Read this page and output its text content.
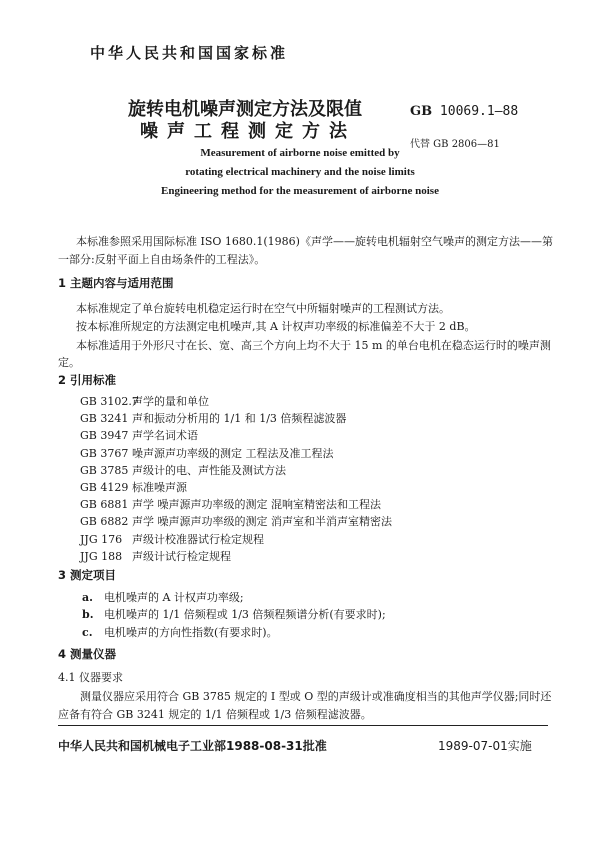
中华人民共和国国家标准
旋转电机噪声测定方法及限值
噪声工程测定方法
GB 10069.1—88
代替 GB 2806—81
Measurement of airborne noise emitted by
rotating electrical machinery and the noise limits
Engineering method for the measurement of airborne noise
本标准参照采用国际标准 ISO 1680.1(1986)《声学——旋转电机辐射空气噪声的测定方法——第
一部分:反射平面上自由场条件的工程法》。
1 主题内容与适用范围
本标准规定了单台旋转电机稳定运行时在空气中所辐射噪声的工程测试方法。
按本标准所规定的方法测定电机噪声,其 A 计权声功率级的标准偏差不大于 2 dB。
本标准适用于外形尺寸在长、宽、高三个方向上均不大于 15 m 的单台电机在稳态运行时的噪声测
定。
2 引用标准
GB 3102.7声学的量和单位
GB 3241 声和振动分析用的 1/1 和 1/3 倍频程滤波器
GB 3947 声学名词术语
GB 3767 噪声源声功率级的测定 工程法及准工程法
GB 3785 声级计的电、声性能及测试方法
GB 4129 标准噪声源
GB 6881 声学 噪声源声功率级的测定 混响室精密法和工程法
GB 6882 声学 噪声源声功率级的测定 消声室和半消声室精密法
JJG 176 声级计校准器试行检定规程
JJG 188 声级计试行检定规程
3 测定项目
a. 电机噪声的 A 计权声功率级;
b. 电机噪声的 1/1 倍频程或 1/3 倍频程频谱分析(有要求时);
c. 电机噪声的方向性指数(有要求时)。
4 测量仪器
4.1 仪器要求
测量仪器应采用符合 GB 3785 规定的 I 型或 O 型的声级计或准确度相当的其他声学仪器;同时还
应备有符合 GB 3241 规定的 1/1 倍频程或 1/3 倍频程滤波器。
中华人民共和国机械电子工业部1988-08-31批准	1989-07-01实施
